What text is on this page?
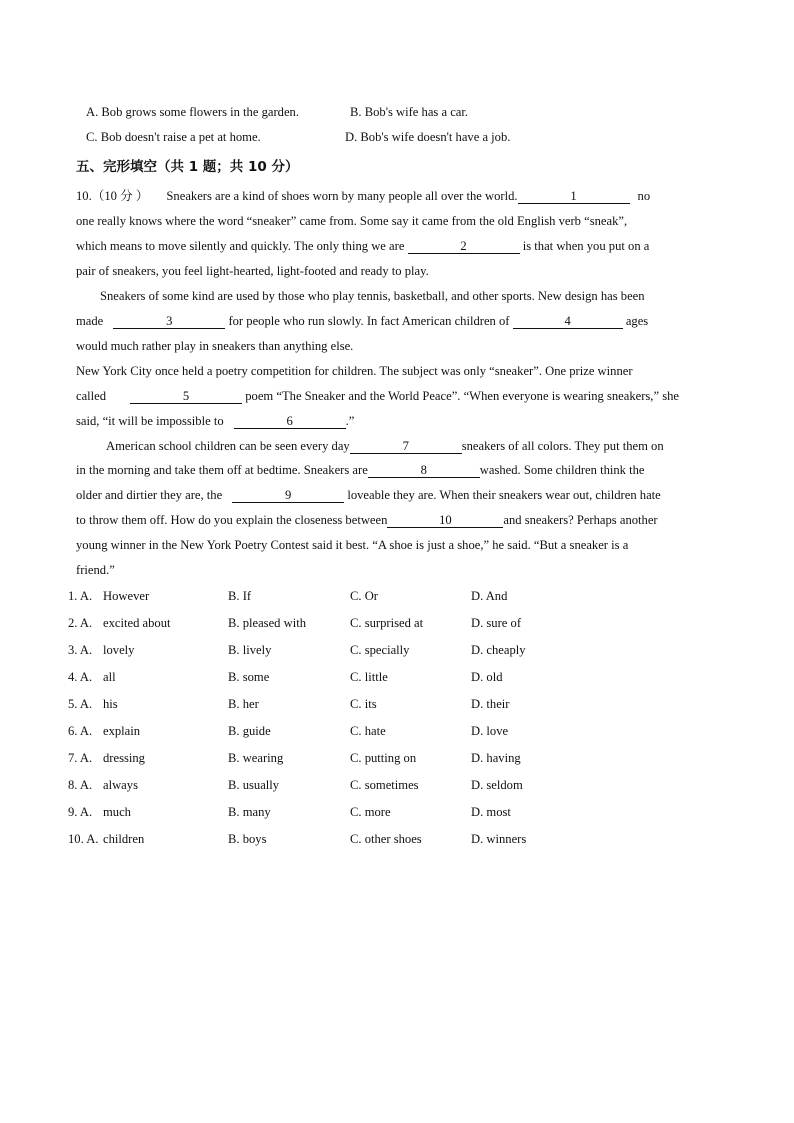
A. Bob grows some flowers in the garden.	B. Bob's wife has a car.
C. Bob doesn't raise a pet at home.	D. Bob's wife doesn't have a job.
五、完形填空（共 1 题；共 10 分）
10.（10 分 ） Sneakers are a kind of shoes worn by many people all over the world.	1	no
one really knows where the word “sneaker” came from. Some say it came from the old English verb “sneak”,
which means to move silently and quickly. The only thing we are	2	is that when you put on a
pair of sneakers, you feel light-hearted, light-footed and ready to play.
Sneakers of some kind are used by those who play tennis, basketball, and other sports. New design has been
made	3	for people who run slowly. In fact American children of	4	ages
would much rather play in sneakers than anything else.
New York City once held a poetry competition for children. The subject was only “sneaker”. One prize winner
called	5	poem “The Sneaker and the World Peace”. “When everyone is wearing sneakers,” she
said, “it will be impossible to	6	.”
American school children can be seen every day	7	sneakers of all colors. They put them on
in the morning and take them off at bedtime. Sneakers are	8	washed. Some children think the
older and dirtier they are, the	9	loveable they are. When their sneakers wear out, children hate
to throw them off. How do you explain the closeness between	10	and sneakers? Perhaps another
young winner in the New York Poetry Contest said it best. “A shoe is just a shoe,” he said. “But a sneaker is a
friend.”
1. A. However	B. If	C. Or	D. And
2. A. excited about	B. pleased with	C. surprised at	D. sure of
3. A. lovely	B. lively	C. specially	D. cheaply
4. A. all	B. some	C. little	D. old
5. A. his	B. her	C. its	D. their
6. A. explain	B. guide	C. hate	D. love
7. A. dressing	B. wearing	C. putting on	D. having
8. A. always	B. usually	C. sometimes	D. seldom
9. A. much	B. many	C. more	D. most
10. A. children	B. boys	C. other shoes	D. winners
